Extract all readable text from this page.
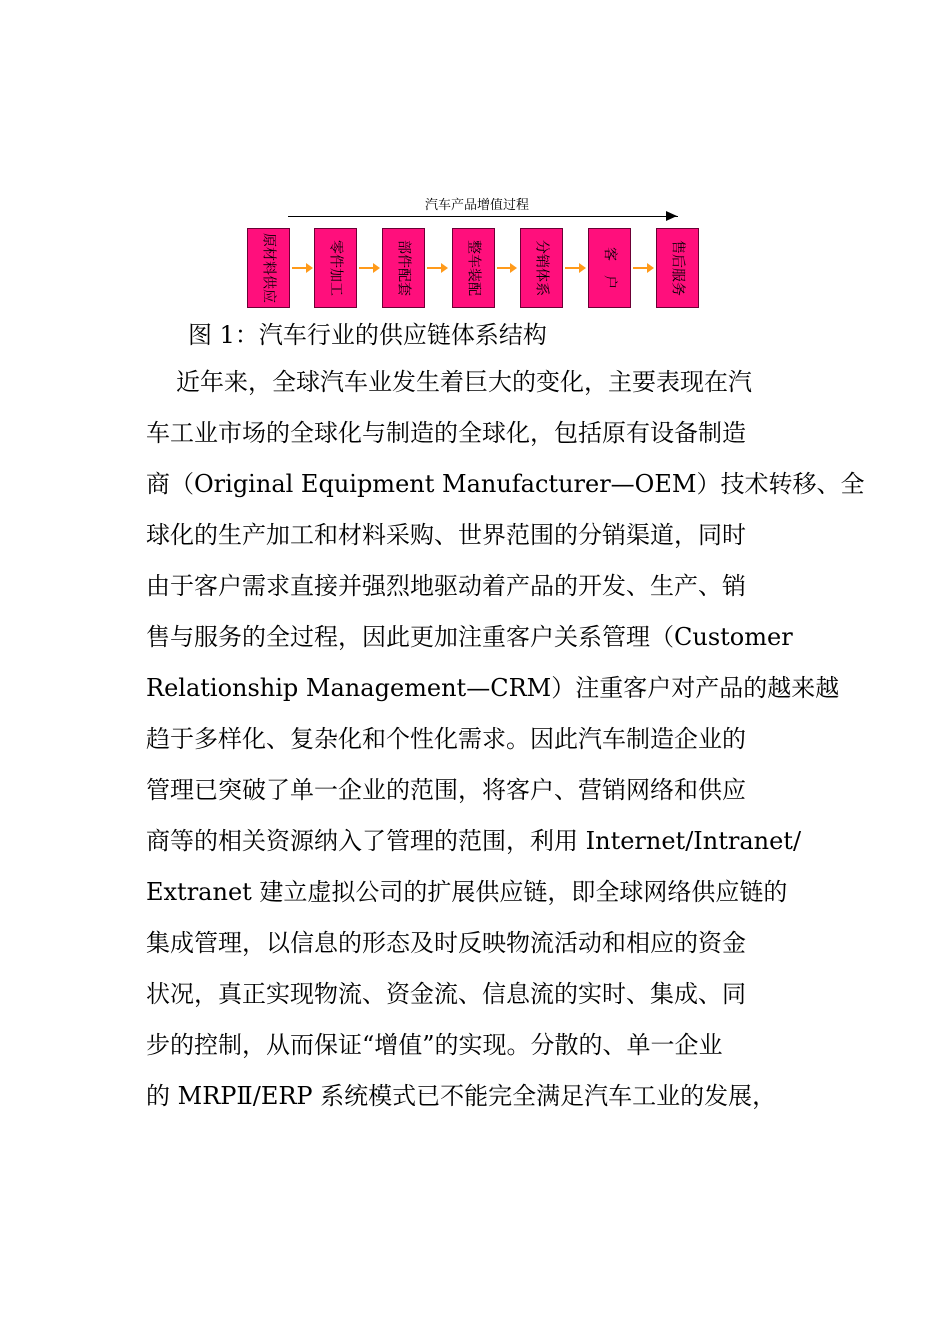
汽车产品增值过程
原材料供应	零件加工	部件配套	整车装配	分销体系	客　户	售后服务
图 1：汽车行业的供应链体系结构
近年来，全球汽车业发生着巨大的变化，主要表现在汽
车工业市场的全球化与制造的全球化，包括原有设备制造
商（Original Equipment Manufacturer—OEM）技术转移、全
球化的生产加工和材料采购、世界范围的分销渠道，同时
由于客户需求直接并强烈地驱动着产品的开发、生产、销
售与服务的全过程，因此更加注重客户关系管理（Customer
Relationship Management—CRM）注重客户对产品的越来越
趋于多样化、复杂化和个性化需求。因此汽车制造企业的
管理已突破了单一企业的范围，将客户、营销网络和供应
商等的相关资源纳入了管理的范围，利用 Internet/Intranet/
Extranet 建立虚拟公司的扩展供应链，即全球网络供应链的
集成管理，以信息的形态及时反映物流活动和相应的资金
状况，真正实现物流、资金流、信息流的实时、集成、同
步的控制，从而保证“增值”的实现。分散的、单一企业
的 MRPⅡ/ERP 系统模式已不能完全满足汽车工业的发展，
